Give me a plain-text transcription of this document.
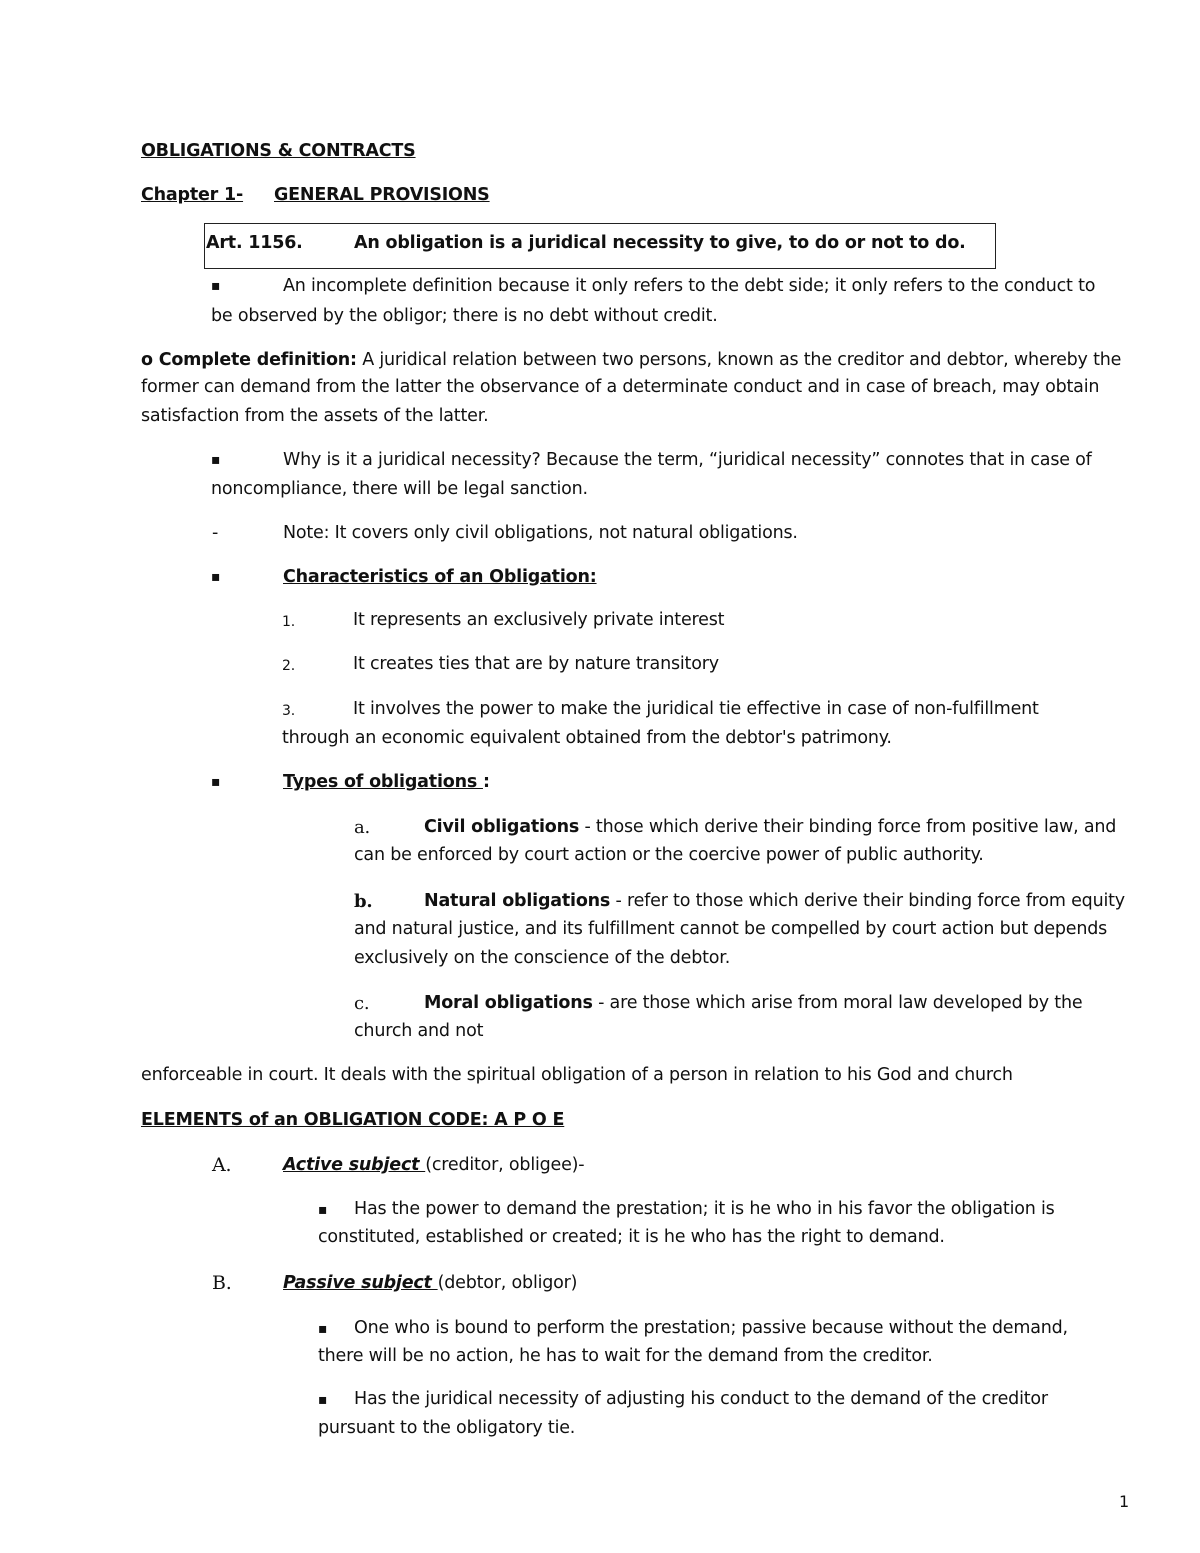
OBLIGATIONS & CONTRACTS
Chapter 1- GENERAL PROVISIONS
Art. 1156.	An obligation is a juridical necessity to give, to do or not to do.
▪	An incomplete definition because it only refers to the debt side; it only refers to the conduct to
be observed by the obligor; there is no debt without credit.
o Complete definition: A juridical relation between two persons, known as the creditor and debtor, whereby the
former can demand from the latter the observance of a determinate conduct and in case of breach, may obtain
satisfaction from the assets of the latter.
▪	Why is it a juridical necessity? Because the term, “juridical necessity” connotes that in case of
noncompliance, there will be legal sanction.
-	Note: It covers only civil obligations, not natural obligations.
▪	Characteristics of an Obligation:
1.	It represents an exclusively private interest
2.	It creates ties that are by nature transitory
3.	It involves the power to make the juridical tie effective in case of non-fulfillment
through an economic equivalent obtained from the debtor's patrimony.
▪	Types of obligations :
a.	Civil obligations - those which derive their binding force from positive law, and
can be enforced by court action or the coercive power of public authority.
b.	Natural obligations - refer to those which derive their binding force from equity
and natural justice, and its fulfillment cannot be compelled by court action but depends
exclusively on the conscience of the debtor.
c.	Moral obligations - are those which arise from moral law developed by the
church and not
enforceable in court. It deals with the spiritual obligation of a person in relation to his God and church
ELEMENTS of an OBLIGATION CODE: A P O E
A.	Active subject (creditor, obligee)-
▪ Has the power to demand the prestation; it is he who in his favor the obligation is
constituted, established or created; it is he who has the right to demand.
B.	Passive subject (debtor, obligor)
▪ One who is bound to perform the prestation; passive because without the demand,
there will be no action, he has to wait for the demand from the creditor.
▪ Has the juridical necessity of adjusting his conduct to the demand of the creditor
pursuant to the obligatory tie.
1
